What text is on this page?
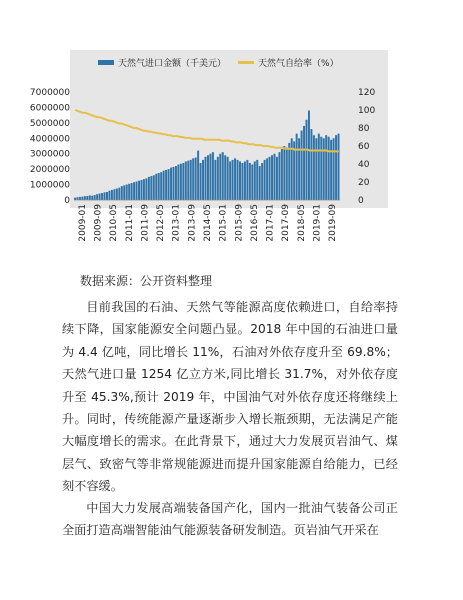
天然气进口金额（千美元）	天然气自给率（%）
0
1000000
2000000
3000000
4000000
5000000
6000000
7000000
0
20
40
60
80
100
120
2009-01 2009-09 2010-05 2011-01 2011-09 2012-05 2013-01 2013-09 2014-05 2015-01 2015-09 2016-05 2017-01 2017-09 2018-05 2019-01 2019-09
数据来源：公开资料整理
目前我国的石油、天然气等能源高度依赖进口，自给率持续下降，国家能源安全问题凸显。2018 年中国的石油进口量为 4.4 亿吨，同比增长 11%，石油对外依存度升至 69.8%；天然气进口量 1254 亿立方米,同比增长 31.7%，对外依存度升至 45.3%,预计 2019 年，中国油气对外依存度还将继续上升。同时，传统能源产量逐渐步入增长瓶颈期，无法满足产能大幅度增长的需求。在此背景下，通过大力发展页岩油气、煤层气、致密气等非常规能源进而提升国家能源自给能力，已经刻不容缓。
中国大力发展高端装备国产化，国内一批油气装备公司正全面打造高端智能油气能源装备研发制造。页岩油气开采在
